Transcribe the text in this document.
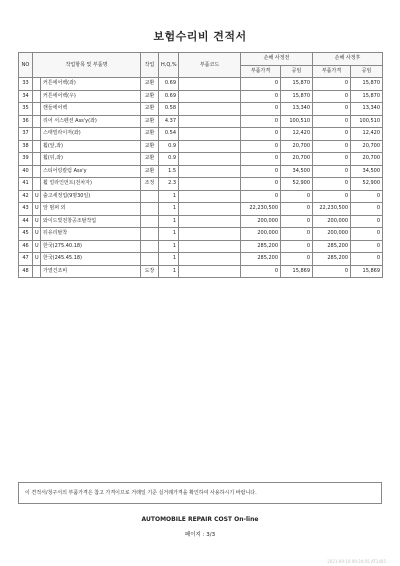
보험수리비 견적서
NO	작업항목 및 부품명		작업	H,Q,%	부품코드	손해 사정전		손해 사정후	
						부품가격	공임	부품가격	공임
33		커튼에어백(좌)	교환	0.69		0	15,870	0	15,870
34		커튼에어백(우)	교환	0.69		0	15,870	0	15,870
35		핸들에어백	교환	0.58		0	13,340	0	13,340
36		리어 서스펜션 Ass'y(좌)	교환	4.37		0	100,510	0	100,510
37		스태빌라이저(좌)	교환	0.54		0	12,420	0	12,420
38		휠(앞,좌)	교환	0.9		0	20,700	0	20,700
39		휠(뒤,좌)	교환	0.9		0	20,700	0	20,700
40		스티어링칼럼 Ass'y	교환	1.5		0	34,500	0	34,500
41		휠 얼라인먼트(전차자)	조정	2.3		0	52,900	0	52,900
42	U	출고세정업(9명30일)		1		0	0	0	0
43	U	앞 범퍼 외		1		22,230,500	0	22,230,500	0
44	U	와이드빛전창공조탈작업		1		200,000	0	200,000	0
45	U	뒤유리탈착		1		200,000	0	200,000	0
46	U	한국(275.40.18)		1		285,200	0	285,200	0
47	U	한국(245.45.18)		1		285,200	0	285,200	0
48		가열건조비	도장	1		0	15,869	0	15,869
이 견적서/청구서의 부품가격은 참고 가격이므로 거래일 기준 실거래가격을 확인하여 사용하시기 바랍니다.
AUTOMOBILE REPAIR COST On-line
페이지 : 3/3
2021-09-10 09:34:05 AT1405
